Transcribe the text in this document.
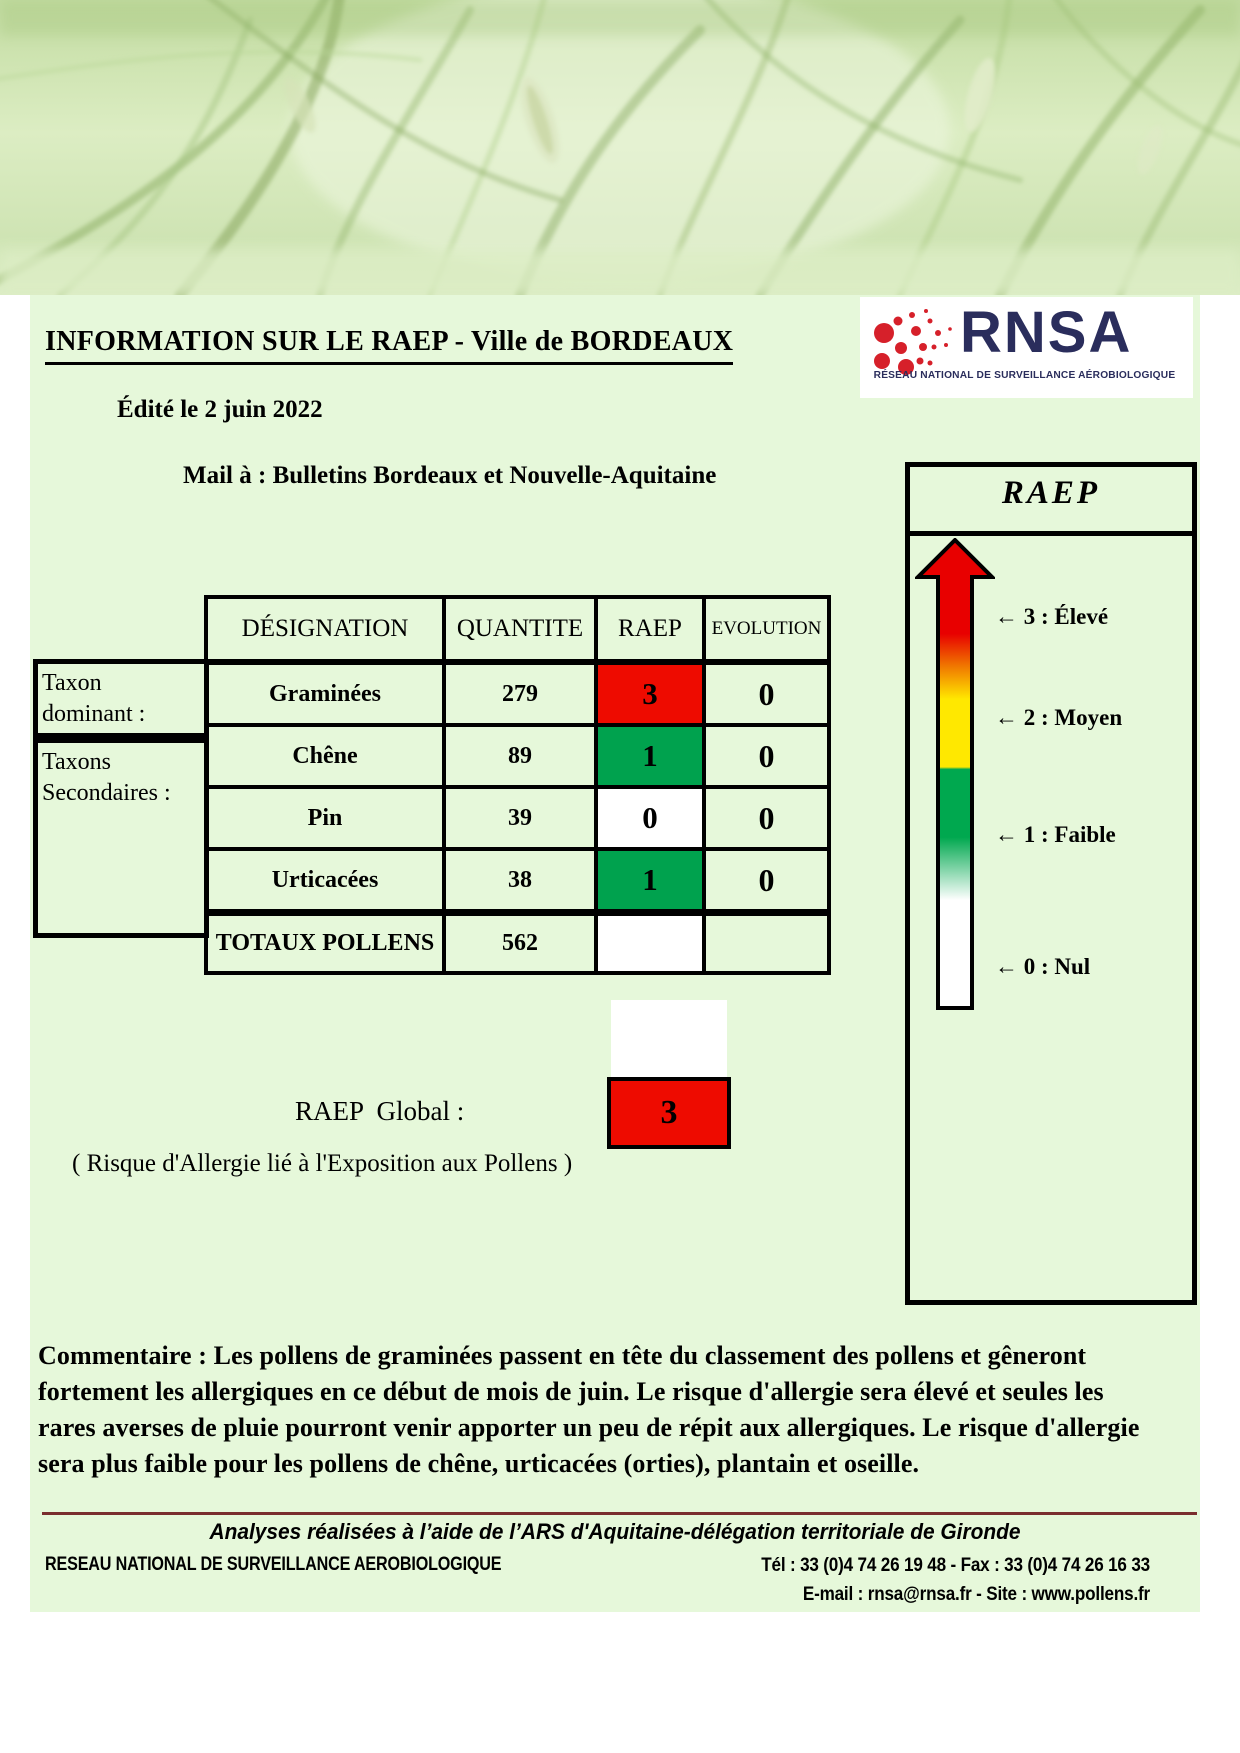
INFORMATION SUR LE RAEP - Ville de BORDEAUX	RNSA
RÉSEAU NATIONAL DE SURVEILLANCE AÉROBIOLOGIQUE
Édité le 2 juin 2022
Mail à : Bulletins Bordeaux et Nouvelle-Aquitaine
Taxon
dominant :
Taxons
Secondaires :
DÉSIGNATION	QUANTITE	RAEP	EVOLUTION
Graminées	279	3	0
Chêne	89	1	0
Pin	39	0	0
Urticacées	38	1	0
TOTAUX POLLENS	562		
RAEP  Global :	3
( Risque d'Allergie lié à l'Exposition aux Pollens )
RAEP
← 3 : Élevé
← 2 : Moyen
← 1 : Faible
← 0 : Nul
Commentaire : Les pollens de graminées passent en tête du classement des pollens et gêneront
fortement les allergiques en ce début de mois de juin. Le risque d'allergie sera élevé et seules les
rares averses de pluie pourront venir apporter un peu de répit aux allergiques. Le risque d'allergie
sera plus faible pour les pollens de chêne, urticacées (orties), plantain et oseille.
Analyses réalisées à l’aide de l’ARS d'Aquitaine-délégation territoriale de Gironde
RESEAU NATIONAL DE SURVEILLANCE AEROBIOLOGIQUE	Tél : 33 (0)4 74 26 19 48 - Fax : 33 (0)4 74 26 16 33
E-mail : rnsa@rnsa.fr - Site : www.pollens.fr
